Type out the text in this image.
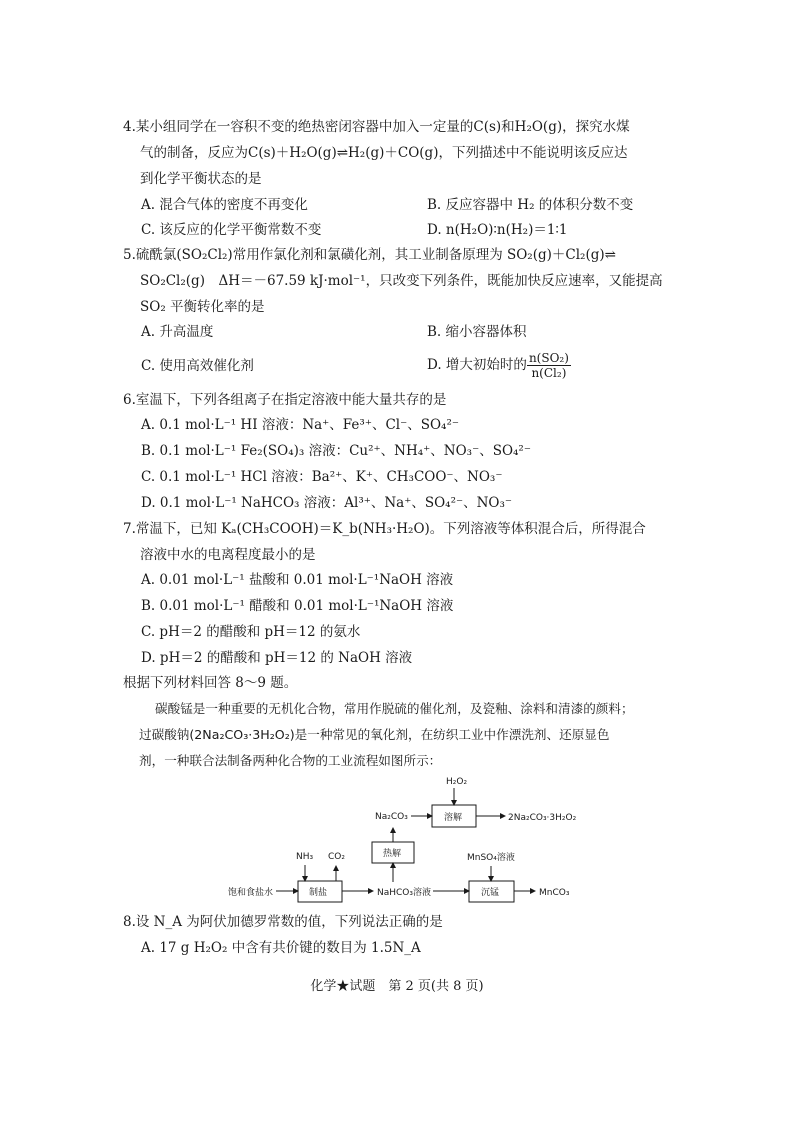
4.某小组同学在一容积不变的绝热密闭容器中加入一定量的C(s)和H₂O(g)，探究水煤
气的制备，反应为C(s)＋H₂O(g)⇌H₂(g)＋CO(g)，下列描述中不能说明该反应达
到化学平衡状态的是
A. 混合气体的密度不再变化	B. 反应容器中 H₂ 的体积分数不变
C. 该反应的化学平衡常数不变	D. n(H₂O)∶n(H₂)＝1∶1
5.硫酰氯(SO₂Cl₂)常用作氯化剂和氯磺化剂，其工业制备原理为 SO₂(g)＋Cl₂(g)⇌
SO₂Cl₂(g)　ΔH＝－67.59 kJ·mol⁻¹，只改变下列条件，既能加快反应速率，又能提高
SO₂ 平衡转化率的是
A. 升高温度	B. 缩小容器体积
C. 使用高效催化剂	D. 增大初始时的 $\frac{\text{n(SO₂)}}{\text{n(Cl₂)}}$
6.室温下，下列各组离子在指定溶液中能大量共存的是
A. 0.1 mol·L⁻¹ HI 溶液：Na⁺、Fe³⁺、Cl⁻、SO₄²⁻
B. 0.1 mol·L⁻¹ Fe₂(SO₄)₃ 溶液：Cu²⁺、NH₄⁺、NO₃⁻、SO₄²⁻
C. 0.1 mol·L⁻¹ HCl 溶液：Ba²⁺、K⁺、CH₃COO⁻、NO₃⁻
D. 0.1 mol·L⁻¹ NaHCO₃ 溶液：Al³⁺、Na⁺、SO₄²⁻、NO₃⁻
7.常温下，已知 Kₐ(CH₃COOH)＝K_b(NH₃·H₂O)。下列溶液等体积混合后，所得混合
溶液中水的电离程度最小的是
A. 0.01 mol·L⁻¹ 盐酸和 0.01 mol·L⁻¹NaOH 溶液
B. 0.01 mol·L⁻¹ 醋酸和 0.01 mol·L⁻¹NaOH 溶液
C. pH＝2 的醋酸和 pH＝12 的氨水
D. pH＝2 的醋酸和 pH＝12 的 NaOH 溶液
根据下列材料回答 8～9 题。
碳酸锰是一种重要的无机化合物，常用作脱硫的催化剂，及瓷釉、涂料和清漆的颜料；
过碳酸钠(2Na₂CO₃·3H₂O₂)是一种常见的氧化剂，在纺织工业中作漂洗剂、还原显色
剂，一种联合法制备两种化合物的工业流程如图所示：
H₂O₂
Na₂CO₃	溶解	2Na₂CO₃·3H₂O₂
NH₃ CO₂	热解	MnSO₄溶液
饱和食盐水	制盐	NaHCO₃溶液	沉锰	MnCO₃
8.设 N_A 为阿伏加德罗常数的值，下列说法正确的是
A. 17 g H₂O₂ 中含有共价键的数目为 1.5N_A
化学★试题　第 2 页(共 8 页)
